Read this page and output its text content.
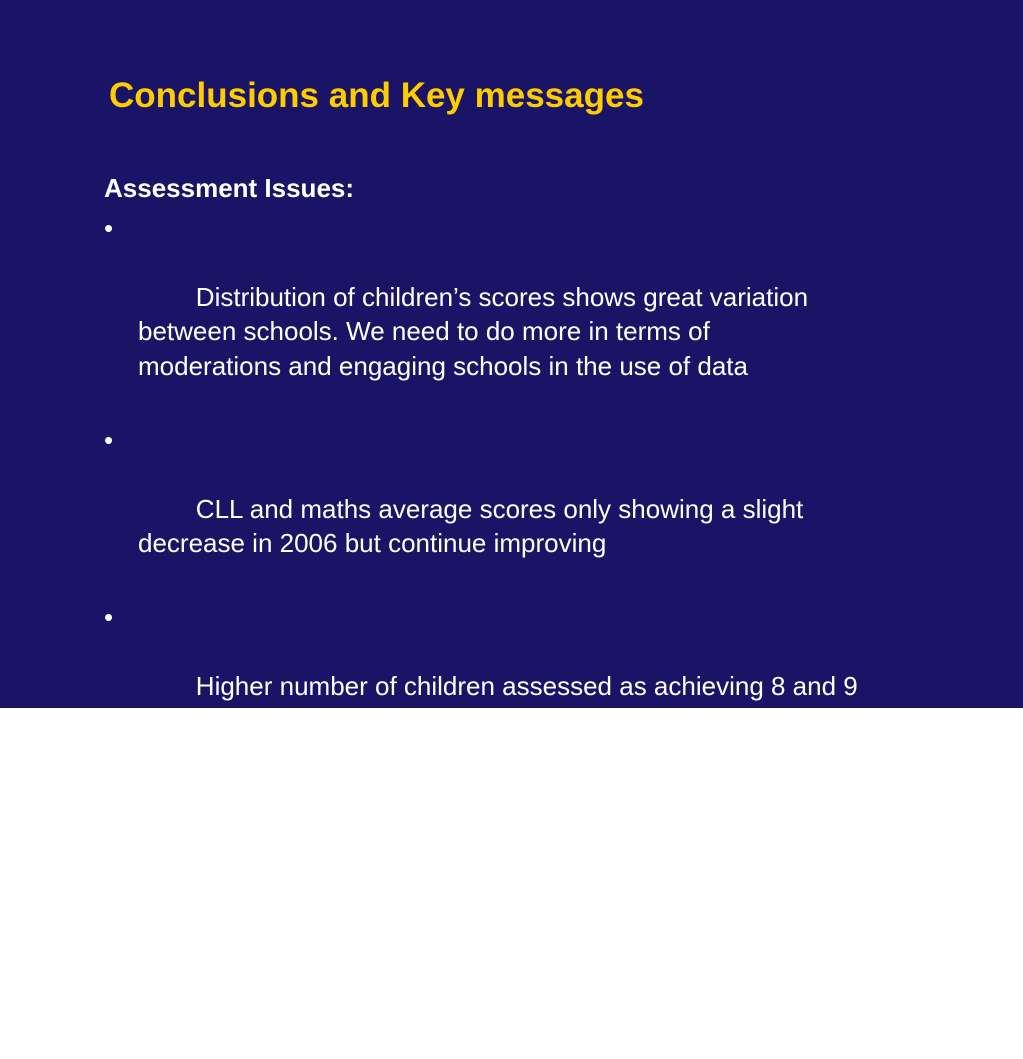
Conclusions and Key messages
Assessment Issues:

•

Distribution of children’s scores shows great variation
between schools. We need to do more in terms of
moderations and engaging schools in the use of data

•

CLL and maths average scores only showing a slight
decrease in 2006 but continue improving

•

Higher number of children assessed as achieving 8 and 9
points in a number of areas and this is a cause for
concern

•

FSP data can be used for school self-evaluation, target
setting and  identifying underachieving groups but may not
be used for value added analysis between FSP to KS1
because of low correlations
